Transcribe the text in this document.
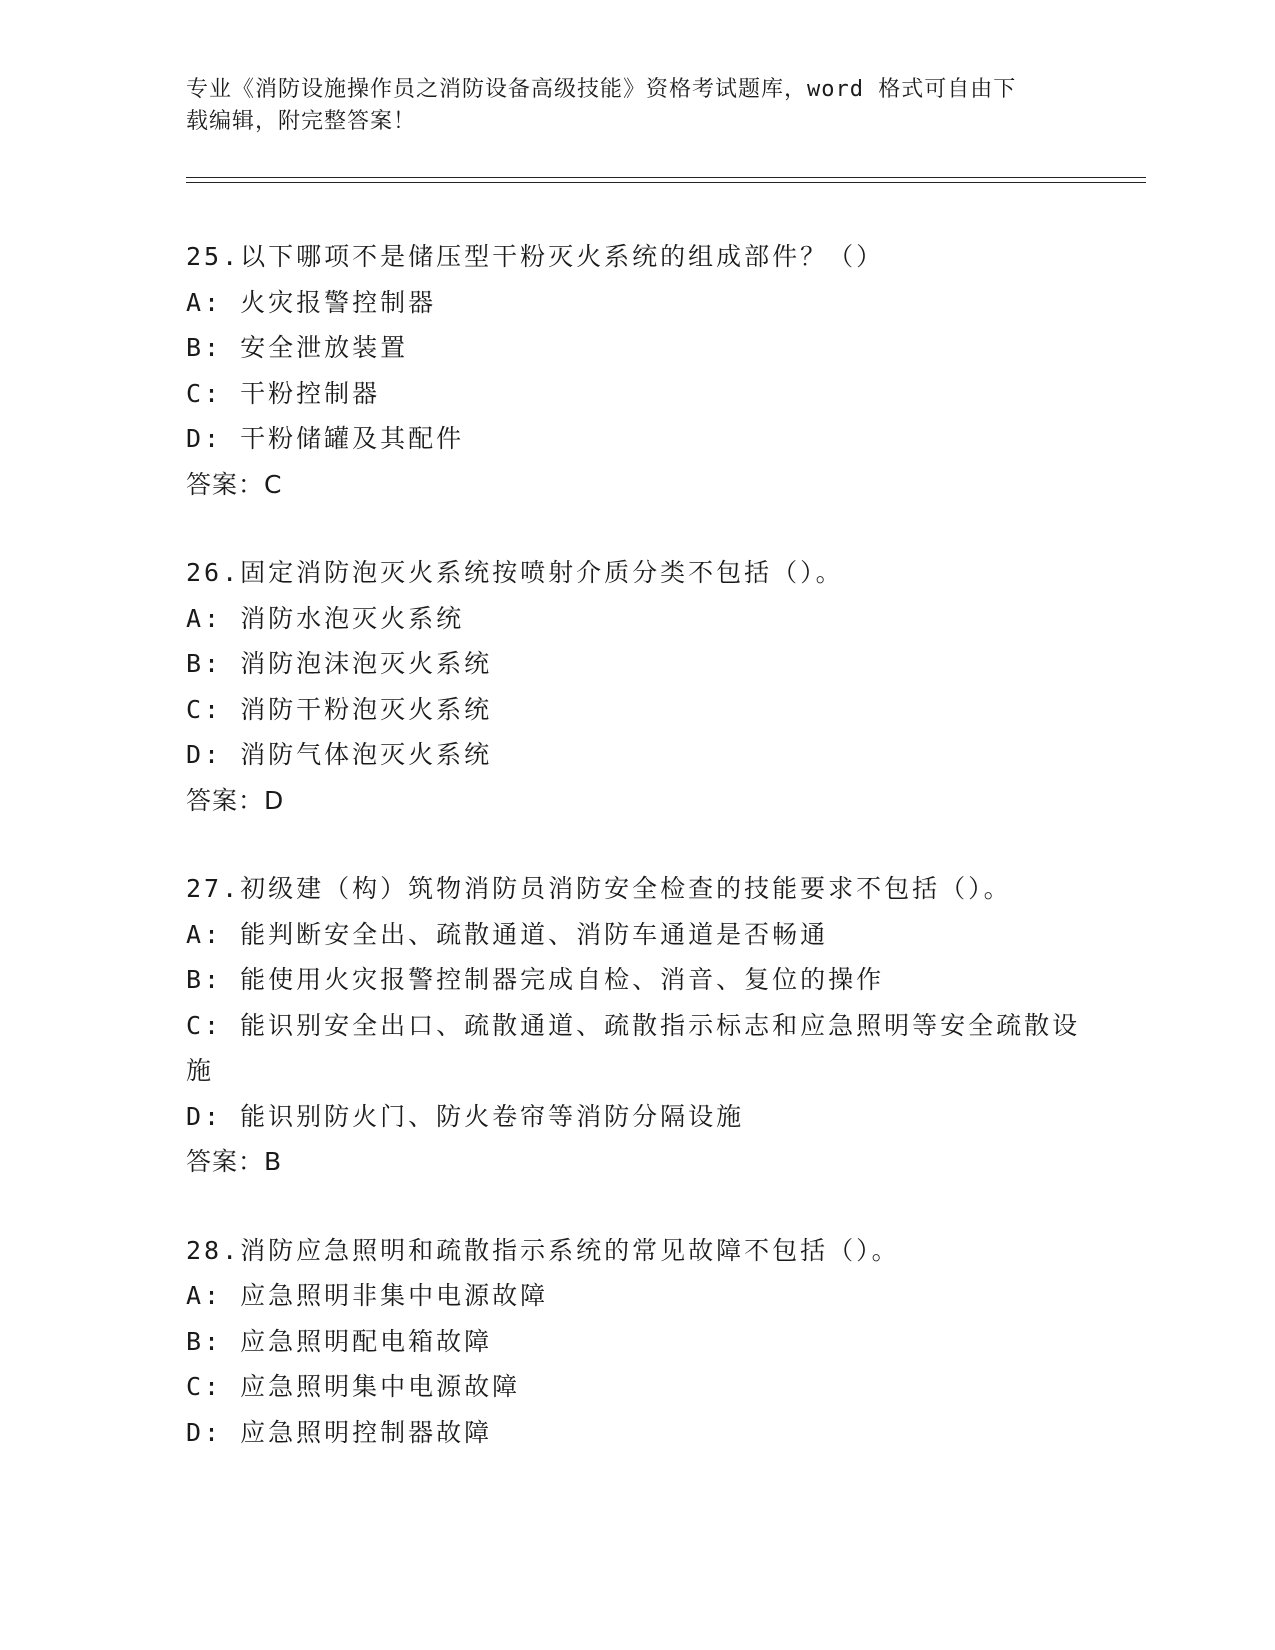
专业《消防设施操作员之消防设备高级技能》资格考试题库，word 格式可自由下

载编辑，附完整答案！

25.以下哪项不是储压型干粉灭火系统的组成部件？（）
A: 火灾报警控制器
B: 安全泄放装置
C: 干粉控制器
D: 干粉储罐及其配件
答案：C
26.固定消防泡灭火系统按喷射介质分类不包括（）。
A: 消防水泡灭火系统
B: 消防泡沫泡灭火系统
C: 消防干粉泡灭火系统
D: 消防气体泡灭火系统
答案：D
27.初级建（构）筑物消防员消防安全检查的技能要求不包括（）。
A: 能判断安全出、疏散通道、消防车通道是否畅通
B: 能使用火灾报警控制器完成自检、消音、复位的操作
C: 能识别安全出口、疏散通道、疏散指示标志和应急照明等安全疏散设施
D: 能识别防火门、防火卷帘等消防分隔设施
答案：B
28.消防应急照明和疏散指示系统的常见故障不包括（）。
A: 应急照明非集中电源故障
B: 应急照明配电箱故障
C: 应急照明集中电源故障
D: 应急照明控制器故障
